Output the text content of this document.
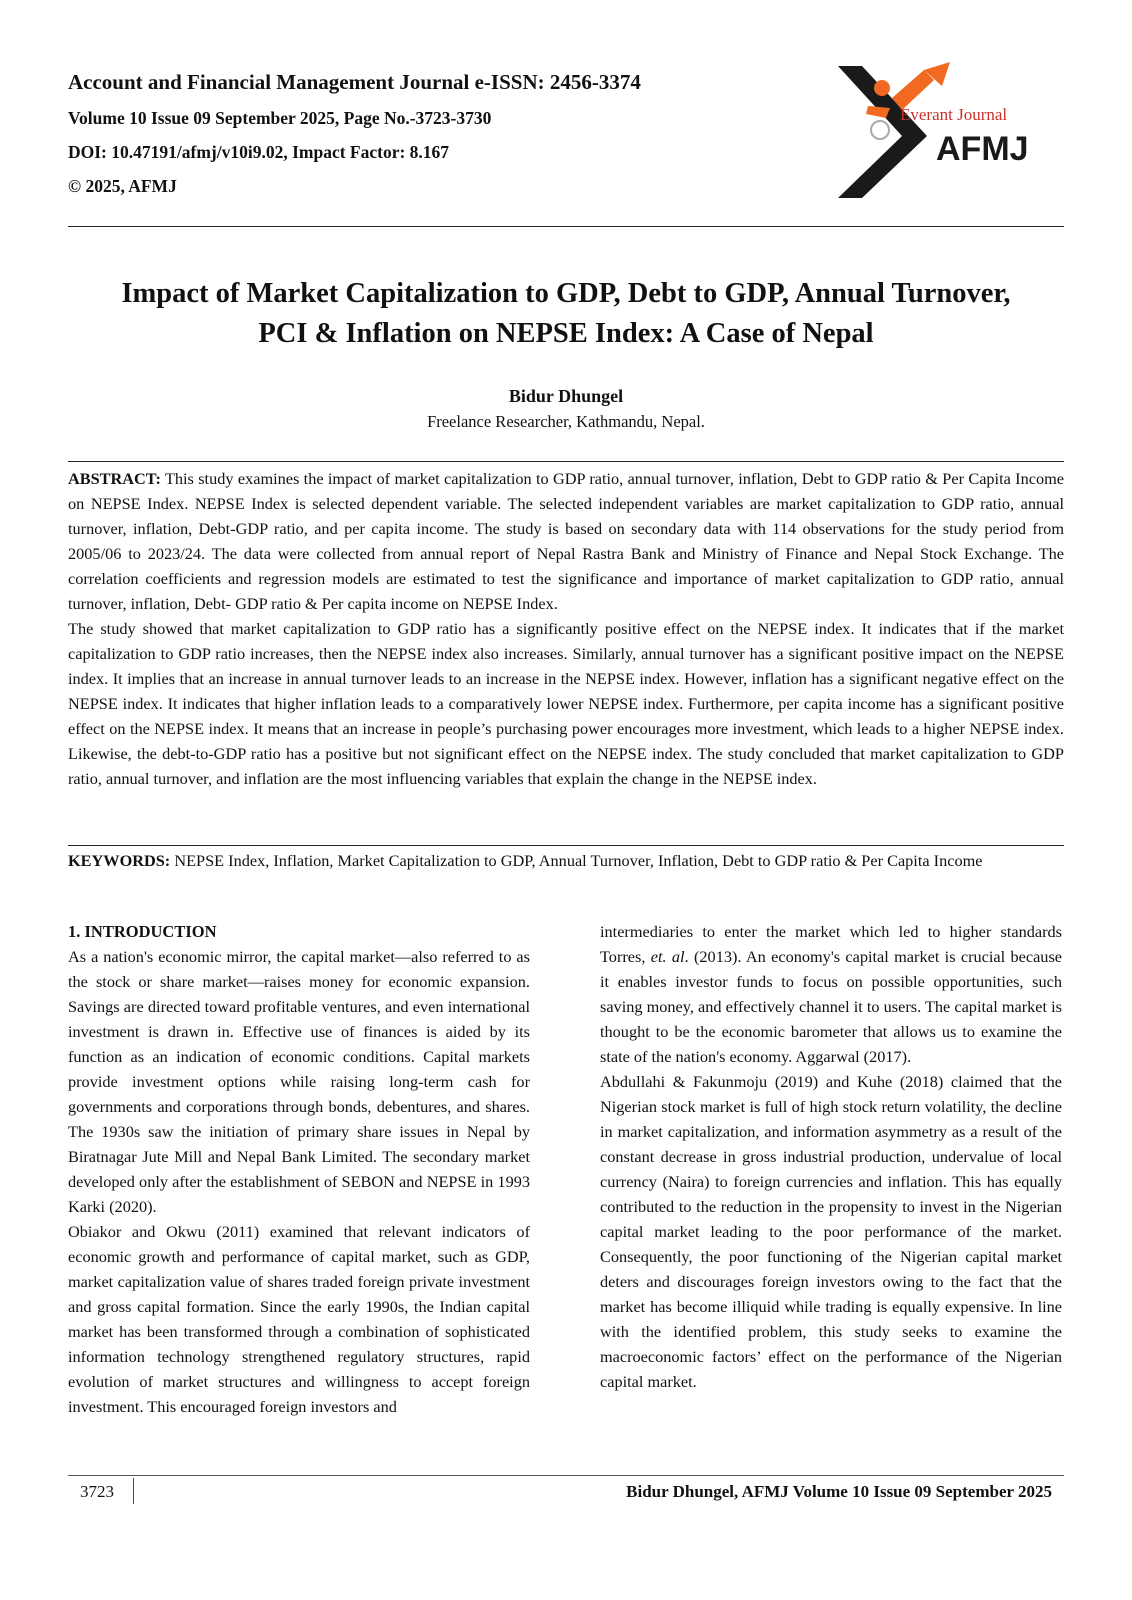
Account and Financial Management Journal e-ISSN: 2456-3374

Volume 10 Issue 09 September 2025, Page No.-3723-3730

DOI: 10.47191/afmj/v10i9.02, Impact Factor: 8.167

© 2025, AFMJ

Everant Journal
AFMJ
Impact of Market Capitalization to GDP, Debt to GDP, Annual Turnover,
PCI & Inflation on NEPSE Index: A Case of Nepal
Bidur Dhungel
Freelance Researcher, Kathmandu, Nepal.

ABSTRACT: This study examines the impact of market capitalization to GDP ratio, annual turnover, inflation, Debt to GDP ratio & Per Capita Income on NEPSE Index. NEPSE Index is selected dependent variable. The selected independent variables are market capitalization to GDP ratio, annual turnover, inflation, Debt-GDP ratio, and per capita income. The study is based on secondary data with 114 observations for the study period from 2005/06 to 2023/24. The data were collected from annual report of Nepal Rastra Bank and Ministry of Finance and Nepal Stock Exchange. The correlation coefficients and regression models are estimated to test the significance and importance of market capitalization to GDP ratio, annual turnover, inflation, Debt- GDP ratio & Per capita income on NEPSE Index.

The study showed that market capitalization to GDP ratio has a significantly positive effect on the NEPSE index. It indicates that if the market capitalization to GDP ratio increases, then the NEPSE index also increases. Similarly, annual turnover has a significant positive impact on the NEPSE index. It implies that an increase in annual turnover leads to an increase in the NEPSE index. However, inflation has a significant negative effect on the NEPSE index. It indicates that higher inflation leads to a comparatively lower NEPSE index. Furthermore, per capita income has a significant positive effect on the NEPSE index. It means that an increase in people’s purchasing power encourages more investment, which leads to a higher NEPSE index. Likewise, the debt-to-GDP ratio has a positive but not significant effect on the NEPSE index. The study concluded that market capitalization to GDP ratio, annual turnover, and inflation are the most influencing variables that explain the change in the NEPSE index.

KEYWORDS: NEPSE Index, Inflation, Market Capitalization to GDP, Annual Turnover, Inflation, Debt to GDP ratio & Per Capita Income

1. INTRODUCTION

As a nation's economic mirror, the capital market—also referred to as the stock or share market—raises money for economic expansion. Savings are directed toward profitable ventures, and even international investment is drawn in. Effective use of finances is aided by its function as an indication of economic conditions. Capital markets provide investment options while raising long-term cash for governments and corporations through bonds, debentures, and shares. The 1930s saw the initiation of primary share issues in Nepal by Biratnagar Jute Mill and Nepal Bank Limited. The secondary market developed only after the establishment of SEBON and NEPSE in 1993 Karki (2020).

Obiakor and Okwu (2011) examined that relevant indicators of economic growth and performance of capital market, such as GDP, market capitalization value of shares traded foreign private investment and gross capital formation. Since the early 1990s, the Indian capital market has been transformed through a combination of sophisticated information technology strengthened regulatory structures, rapid evolution of market structures and willingness to accept foreign investment. This encouraged foreign investors and

intermediaries to enter the market which led to higher standards Torres, et. al. (2013). An economy's capital market is crucial because it enables investor funds to focus on possible opportunities, such saving money, and effectively channel it to users. The capital market is thought to be the economic barometer that allows us to examine the state of the nation's economy. Aggarwal (2017).

Abdullahi & Fakunmoju (2019) and Kuhe (2018) claimed that the Nigerian stock market is full of high stock return volatility, the decline in market capitalization, and information asymmetry as a result of the constant decrease in gross industrial production, undervalue of local currency (Naira) to foreign currencies and inflation. This has equally contributed to the reduction in the propensity to invest in the Nigerian capital market leading to the poor performance of the market. Consequently, the poor functioning of the Nigerian capital market deters and discourages foreign investors owing to the fact that the market has become illiquid while trading is equally expensive. In line with the identified problem, this study seeks to examine the macroeconomic factors’ effect on the performance of the Nigerian capital market.

3723	Bidur Dhungel, AFMJ Volume 10 Issue 09 September 2025
